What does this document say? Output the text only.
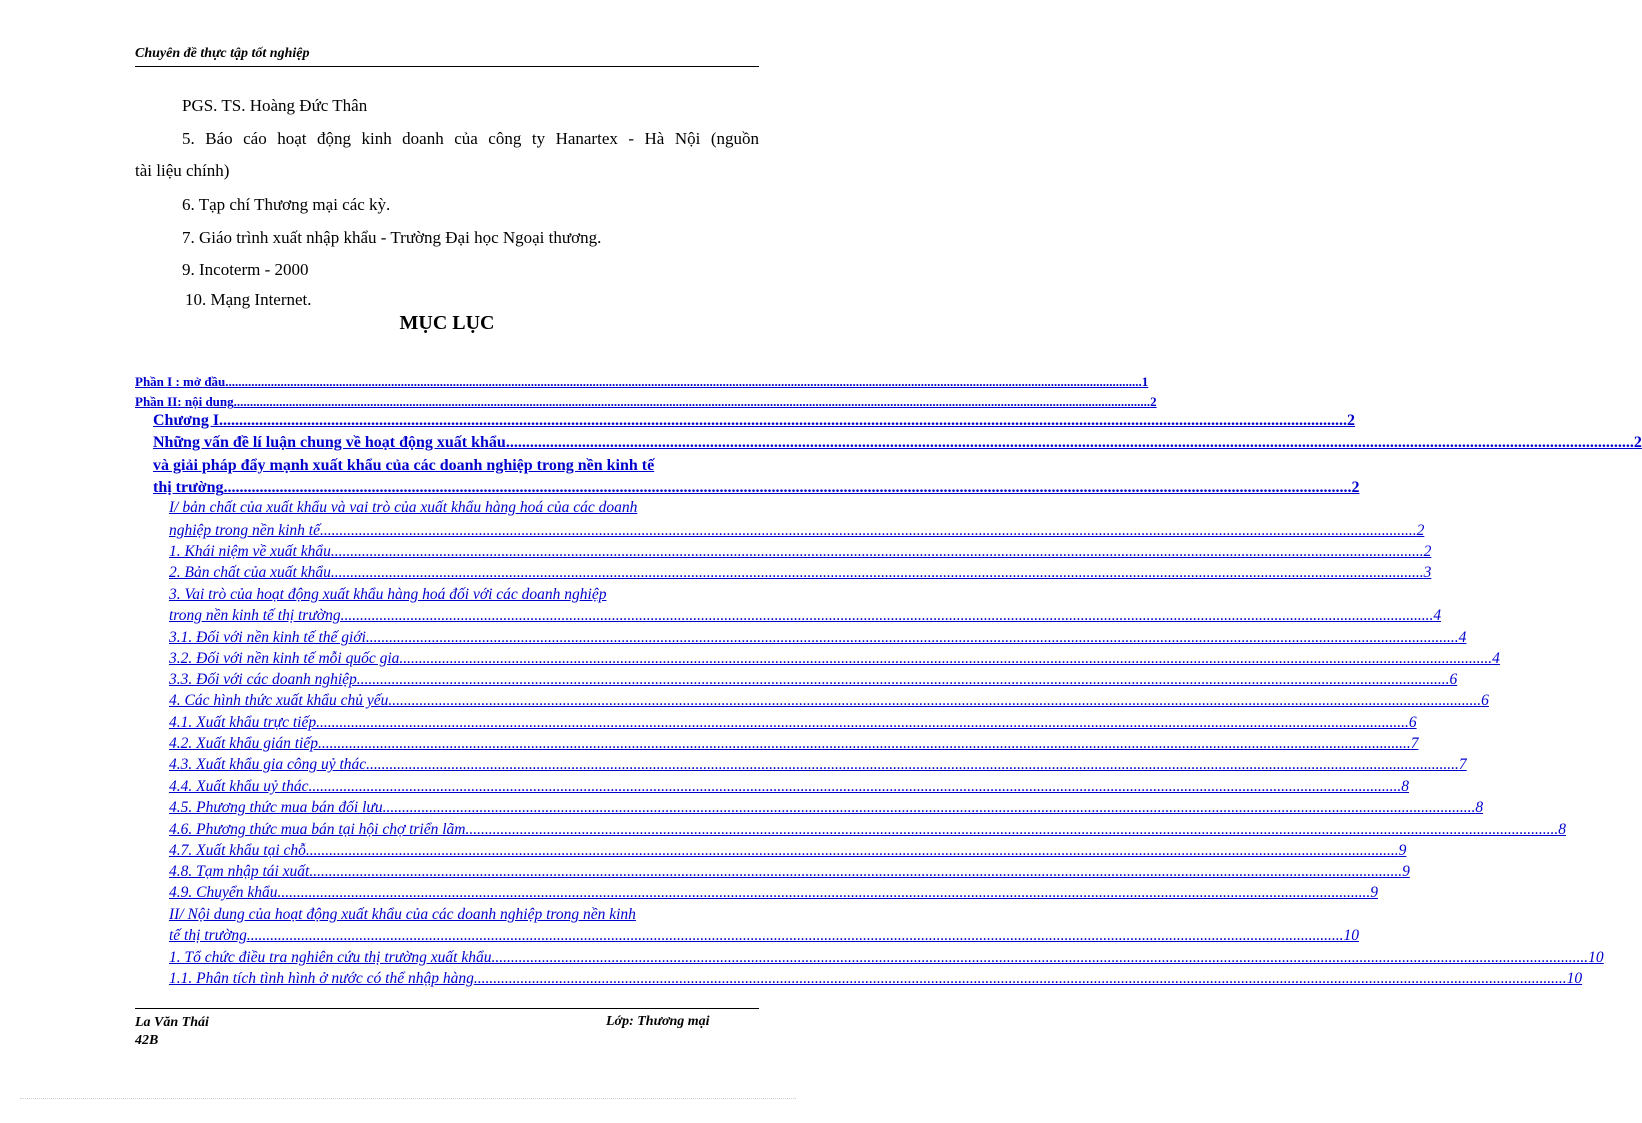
Chuyên đề thực tập tốt nghiệp
PGS. TS. Hoàng Đức Thân
5. Báo cáo hoạt động kinh doanh của công ty Hanartex - Hà Nội (nguồn
tài liệu chính)
6. Tạp chí Thương mại các kỳ.
7. Giáo trình xuất nhập khẩu - Trường Đại học Ngoại thương.
9. Incoterm - 2000
10. Mạng Internet.
MỤC LỤC
Phần I : mở đầu .......................................................................................................................................................................................................................................................................................... 1
Phần II: nội dung .......................................................................................................................................................................................................................................................................................... 2
Chương I .......................................................................................................................................................................................................................................................................................... 2
Những vấn đề lí luận chung về hoạt động xuất khẩu .......................................................................................................................................................................................................................................................................................... 2
và giải pháp đẩy mạnh xuất khẩu của các doanh nghiệp trong nền kinh tế
thị trường .......................................................................................................................................................................................................................................................................................... 2
I/ bản chất của xuất khẩu và vai trò của xuất khẩu hàng hoá của các doanh
nghiệp trong nền kinh tế. .......................................................................................................................................................................................................................................................................................... 2
1. Khái niệm về xuất khẩu .......................................................................................................................................................................................................................................................................................... 2
2. Bản chất của xuất khẩu .......................................................................................................................................................................................................................................................................................... 3
3. Vai trò của hoạt động xuất khẩu hàng hoá đối với các doanh nghiệp
trong nền kinh tế thị trường .......................................................................................................................................................................................................................................................................................... 4
3.1. Đối với nền kinh tế thế giới .......................................................................................................................................................................................................................................................................................... 4
3.2. Đối với nền kinh tế mỗi quốc gia .......................................................................................................................................................................................................................................................................................... 4
3.3. Đối với các doanh nghiệp .......................................................................................................................................................................................................................................................................................... 6
4. Các hình thức xuất khẩu chủ yếu .......................................................................................................................................................................................................................................................................................... 6
4.1. Xuất khẩu trực tiếp .......................................................................................................................................................................................................................................................................................... 6
4.2. Xuất khẩu gián tiếp .......................................................................................................................................................................................................................................................................................... 7
4.3. Xuất khẩu gia công uỷ thác .......................................................................................................................................................................................................................................................................................... 7
4.4. Xuất khẩu uỷ thác .......................................................................................................................................................................................................................................................................................... 8
4.5. Phương thức mua bán đối lưu .......................................................................................................................................................................................................................................................................................... 8
4.6. Phương thức mua bán tại hội chợ triển lãm .......................................................................................................................................................................................................................................................................................... 8
4.7. Xuất khẩu tại chỗ .......................................................................................................................................................................................................................................................................................... 9
4.8. Tạm nhập tái xuất .......................................................................................................................................................................................................................................................................................... 9
4.9. Chuyển khẩu .......................................................................................................................................................................................................................................................................................... 9
II/ Nội dung của hoạt động xuất khẩu của các doanh nghiệp trong nền kinh
tế thị trường. .......................................................................................................................................................................................................................................................................................... 10
1. Tổ chức điều tra nghiên cứu thị trường xuất khẩu. .......................................................................................................................................................................................................................................................................................... 10
1.1. Phân tích tình hình ở nước có thể nhập hàng .......................................................................................................................................................................................................................................................................................... 10
La Văn Thái
42B
Lớp: Thương mại
